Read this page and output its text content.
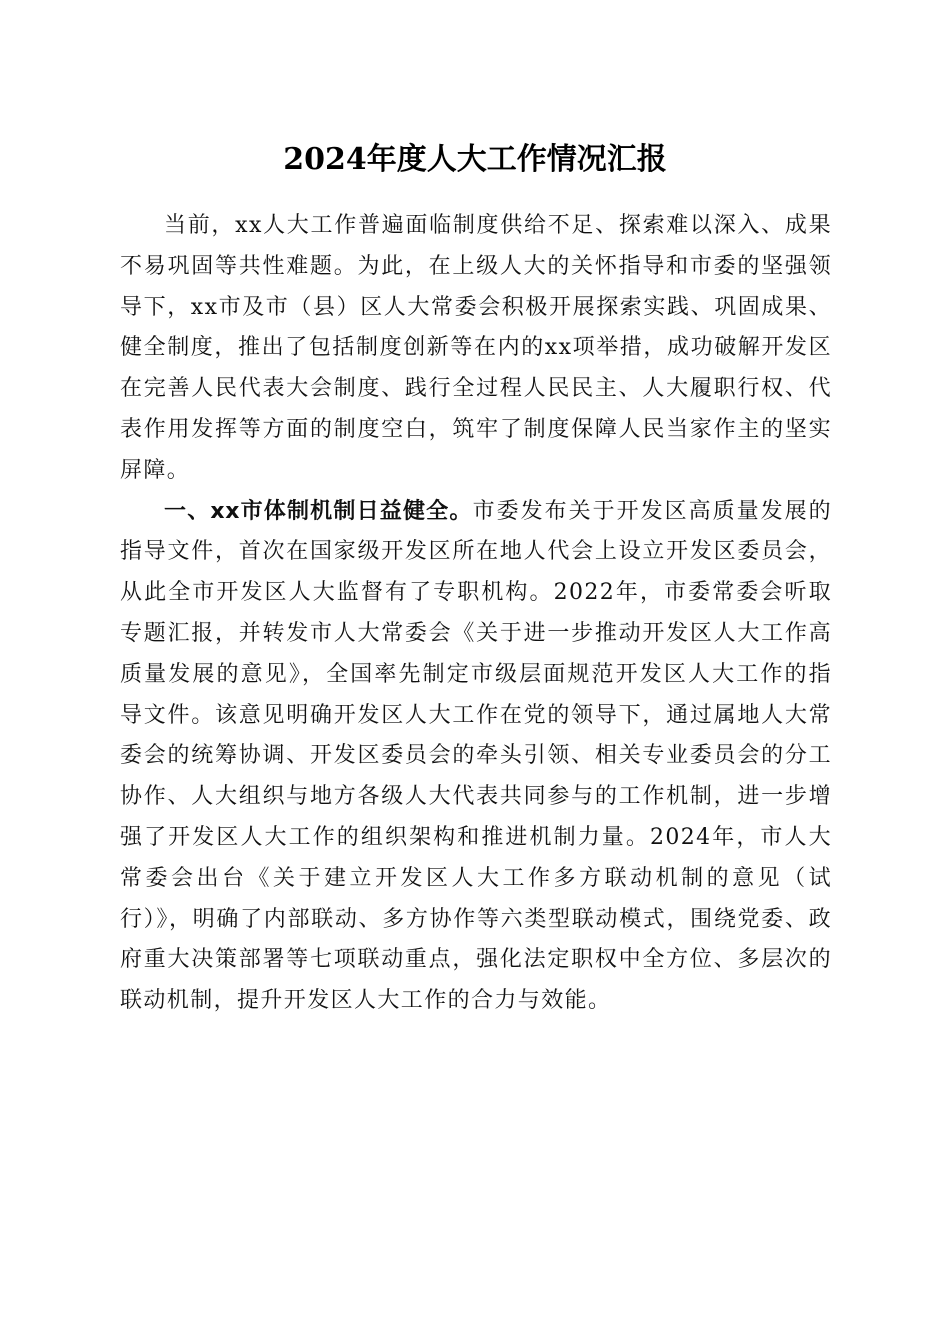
2024年度人大工作情况汇报

当前，xx人大工作普遍面临制度供给不足、探索难以深入、成果不易巩固等共性难题。为此，在上级人大的关怀指导和市委的坚强领导下，xx市及市（县）区人大常委会积极开展探索实践、巩固成果、健全制度，推出了包括制度创新等在内的xx项举措，成功破解开发区在完善人民代表大会制度、践行全过程人民民主、人大履职行权、代表作用发挥等方面的制度空白，筑牢了制度保障人民当家作主的坚实屏障。

一、xx市体制机制日益健全。市委发布关于开发区高质量发展的指导文件，首次在国家级开发区所在地人代会上设立开发区委员会，从此全市开发区人大监督有了专职机构。2022年，市委常委会听取专题汇报，并转发市人大常委会《关于进一步推动开发区人大工作高质量发展的意见》，全国率先制定市级层面规范开发区人大工作的指导文件。该意见明确开发区人大工作在党的领导下，通过属地人大常委会的统筹协调、开发区委员会的牵头引领、相关专业委员会的分工协作、人大组织与地方各级人大代表共同参与的工作机制，进一步增强了开发区人大工作的组织架构和推进机制力量。2024年，市人大常委会出台《关于建立开发区人大工作多方联动机制的意见（试行）》，明确了内部联动、多方协作等六类型联动模式，围绕党委、政府重大决策部署等七项联动重点，强化法定职权中全方位、多层次的联动机制，提升开发区人大工作的合力与效能。
